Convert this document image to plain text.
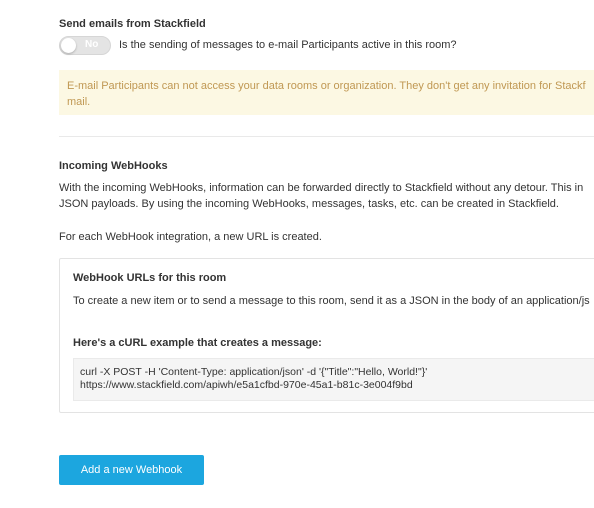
Send emails from Stackfield
No Is the sending of messages to e-mail Participants active in this room?
E-mail Participants can not access your data rooms or organization. They don't get any invitation for Stackf
mail.
Incoming WebHooks
With the incoming WebHooks, information can be forwarded directly to Stackfield without any detour. This in
JSON payloads. By using the incoming WebHooks, messages, tasks, etc. can be created in Stackfield.
For each WebHook integration, a new URL is created.
WebHook URLs for this room
To create a new item or to send a message to this room, send it as a JSON in the body of an application/js
Here's a cURL example that creates a message:
curl -X POST -H 'Content-Type: application/json' -d '{"Title":"Hello, World!"}'
https://www.stackfield.com/apiwh/e5a1cfbd-970e-45a1-b81c-3e004f9bd
Add a new Webhook
